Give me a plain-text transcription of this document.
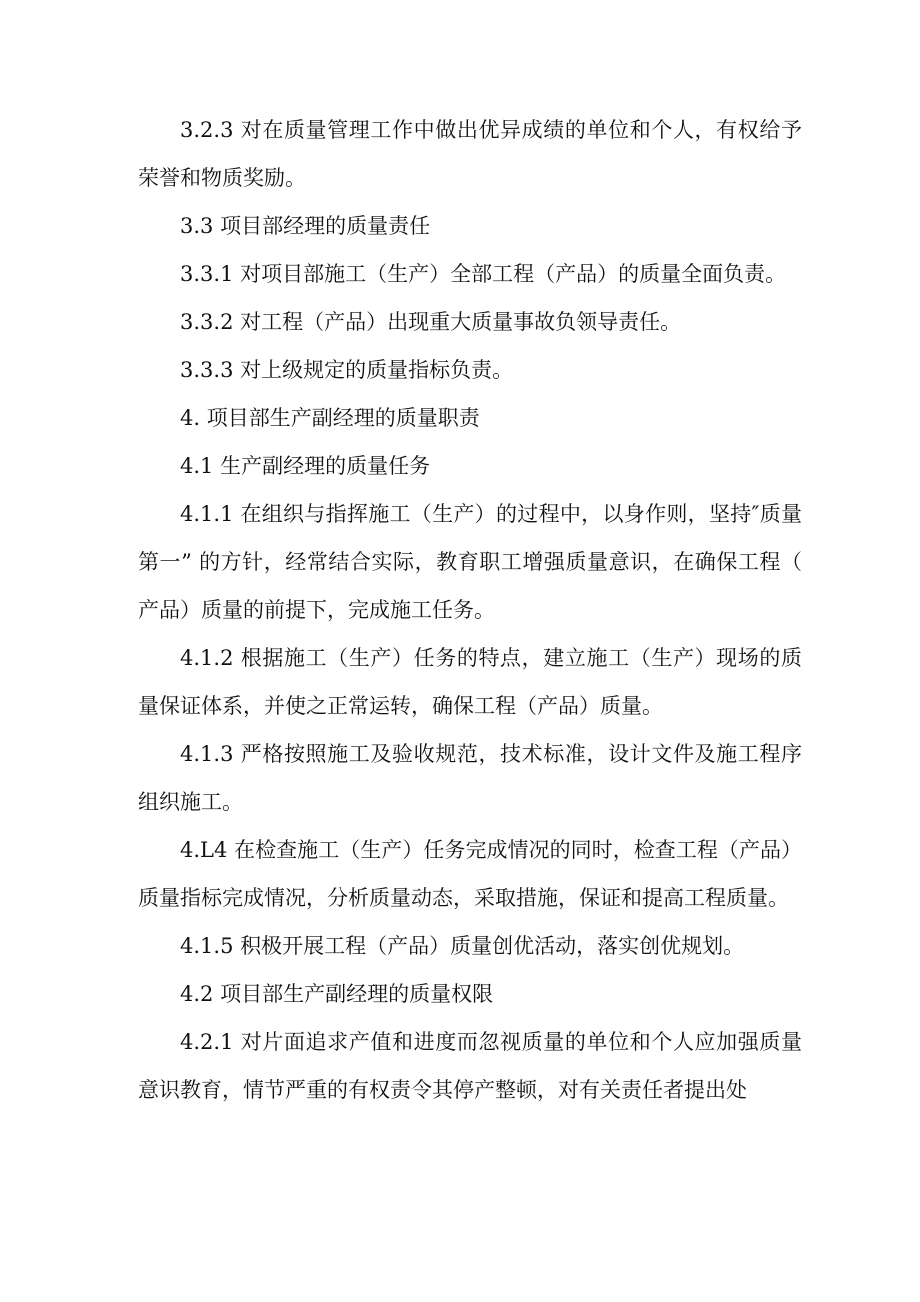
3.2.3 对在质量管理工作中做出优异成绩的单位和个人，有权给予荣誉和物质奖励。

3.3 项目部经理的质量责任

3.3.1 对项目部施工（生产）全部工程（产品）的质量全面负责。

3.3.2 对工程（产品）出现重大质量事故负领导责任。

3.3.3 对上级规定的质量指标负责。

4. 项目部生产副经理的质量职责

4.1 生产副经理的质量任务

4.1.1 在组织与指挥施工（生产）的过程中，以身作则，坚持″质量第一” 的方针，经常结合实际，教育职工增强质量意识，在确保工程（产品）质量的前提下，完成施工任务。

4.1.2 根据施工（生产）任务的特点，建立施工（生产）现场的质量保证体系，并使之正常运转，确保工程（产品）质量。

4.1.3 严格按照施工及验收规范，技术标准，设计文件及施工程序组织施工。

4.L4 在检查施工（生产）任务完成情况的同时，检查工程（产品）质量指标完成情况，分析质量动态，采取措施，保证和提高工程质量。

4.1.5 积极开展工程（产品）质量创优活动，落实创优规划。

4.2 项目部生产副经理的质量权限

4.2.1 对片面追求产值和进度而忽视质量的单位和个人应加强质量意识教育，情节严重的有权责令其停产整顿，对有关责任者提出处
